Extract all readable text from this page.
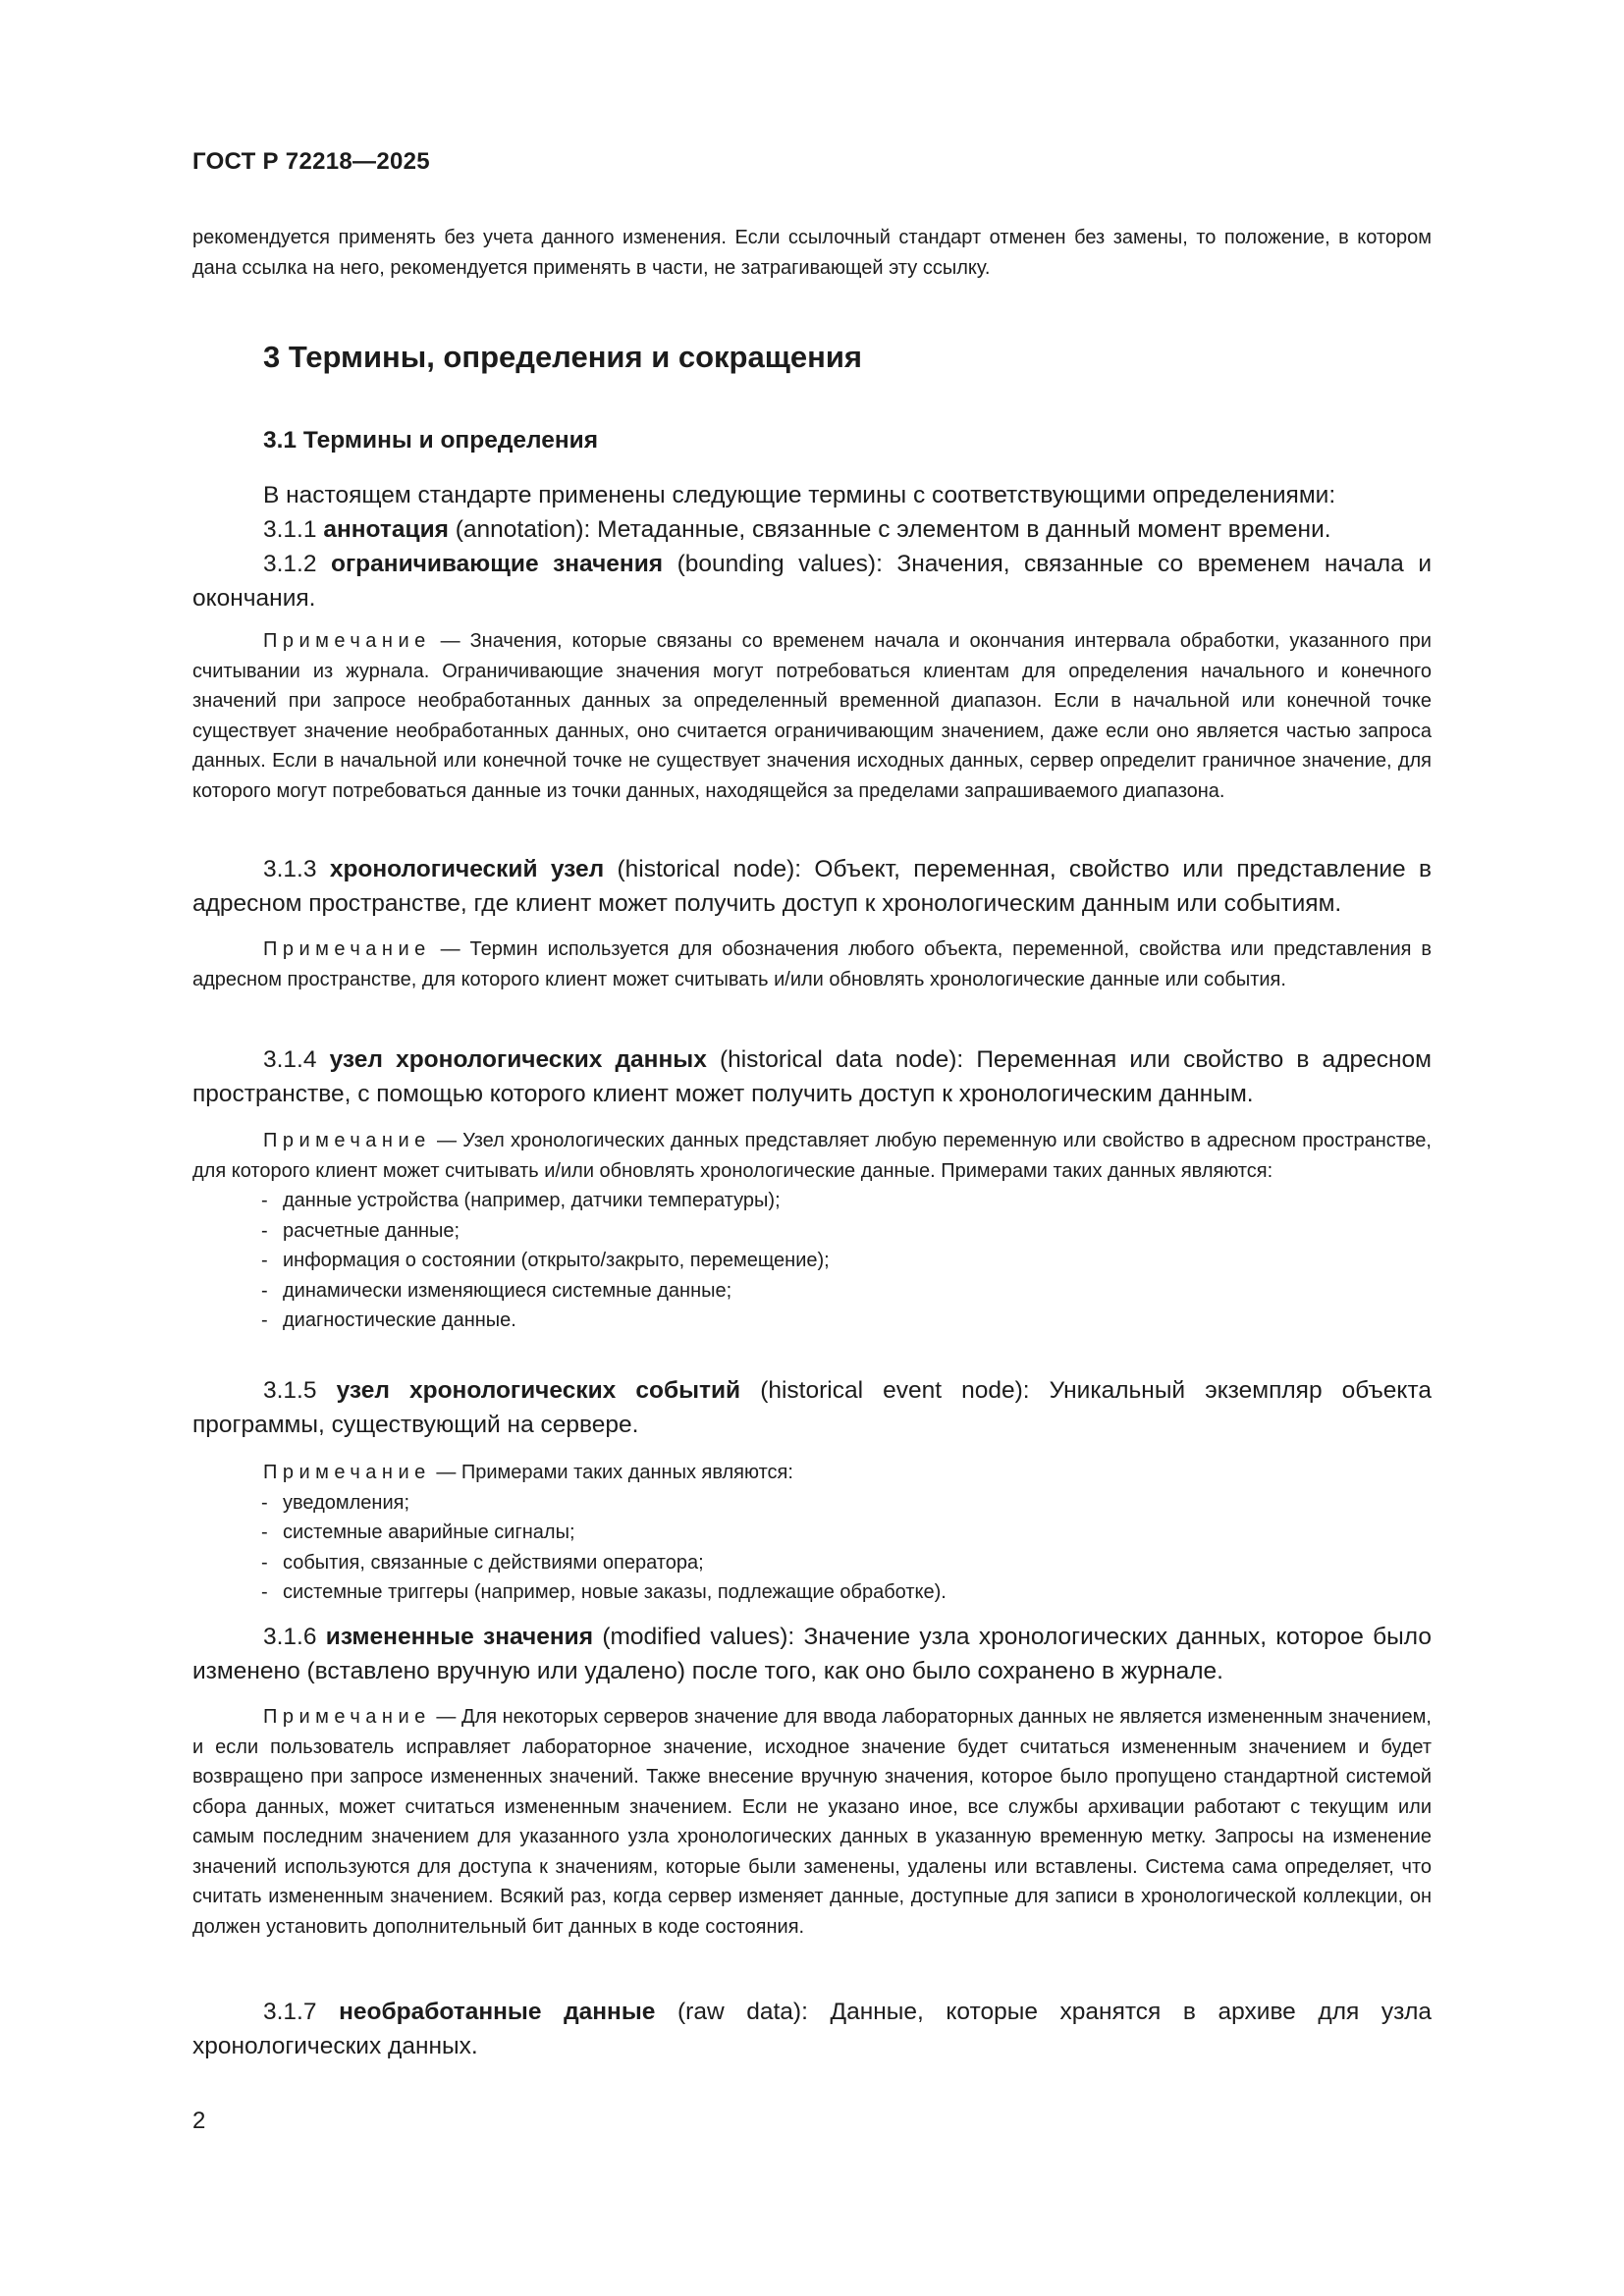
ГОСТ Р 72218—2025

рекомендуется применять без учета данного изменения. Если ссылочный стандарт отменен без замены, то положение, в котором дана ссылка на него, рекомендуется применять в части, не затрагивающей эту ссылку.

3 Термины, определения и сокращения
3.1 Термины и определения

В настоящем стандарте применены следующие термины с соответствующими определениями:

3.1.1 аннотация (annotation): Метаданные, связанные с элементом в данный момент времени.

3.1.2 ограничивающие значения (bounding values): Значения, связанные со временем начала и окончания.

Примечание — Значения, которые связаны со временем начала и окончания интервала обработки, указанного при считывании из журнала. Ограничивающие значения могут потребоваться клиентам для определения начального и конечного значений при запросе необработанных данных за определенный временной диапазон. Если в начальной или конечной точке существует значение необработанных данных, оно считается ограничивающим значением, даже если оно является частью запроса данных. Если в начальной или конечной точке не существует значения исходных данных, сервер определит граничное значение, для которого могут потребоваться данные из точки данных, находящейся за пределами запрашиваемого диапазона.

3.1.3 хронологический узел (historical node): Объект, переменная, свойство или представление в адресном пространстве, где клиент может получить доступ к хронологическим данным или событиям.

Примечание — Термин используется для обозначения любого объекта, переменной, свойства или представления в адресном пространстве, для которого клиент может считывать и/или обновлять хронологические данные или события.

3.1.4 узел хронологических данных (historical data node): Переменная или свойство в адресном пространстве, с помощью которого клиент может получить доступ к хронологическим данным.

Примечание — Узел хронологических данных представляет любую переменную или свойство в адресном пространстве, для которого клиент может считывать и/или обновлять хронологические данные. Примерами таких данных являются:

- данные устройства (например, датчики температуры);
- расчетные данные;
- информация о состоянии (открыто/закрыто, перемещение);
- динамически изменяющиеся системные данные;
- диагностические данные.

3.1.5 узел хронологических событий (historical event node): Уникальный экземпляр объекта программы, существующий на сервере.

Примечание — Примерами таких данных являются:

- уведомления;
- системные аварийные сигналы;
- события, связанные с действиями оператора;
- системные триггеры (например, новые заказы, подлежащие обработке).

3.1.6 измененные значения (modified values): Значение узла хронологических данных, которое было изменено (вставлено вручную или удалено) после того, как оно было сохранено в журнале.

Примечание — Для некоторых серверов значение для ввода лабораторных данных не является измененным значением, и если пользователь исправляет лабораторное значение, исходное значение будет считаться измененным значением и будет возвращено при запросе измененных значений. Также внесение вручную значения, которое было пропущено стандартной системой сбора данных, может считаться измененным значением. Если не указано иное, все службы архивации работают с текущим или самым последним значением для указанного узла хронологических данных в указанную временную метку. Запросы на изменение значений используются для доступа к значениям, которые были заменены, удалены или вставлены. Система сама определяет, что считать измененным значением. Всякий раз, когда сервер изменяет данные, доступные для записи в хронологической коллекции, он должен установить дополнительный бит данных в коде состояния.

3.1.7 необработанные данные (raw data): Данные, которые хранятся в архиве для узла хронологических данных.

2
